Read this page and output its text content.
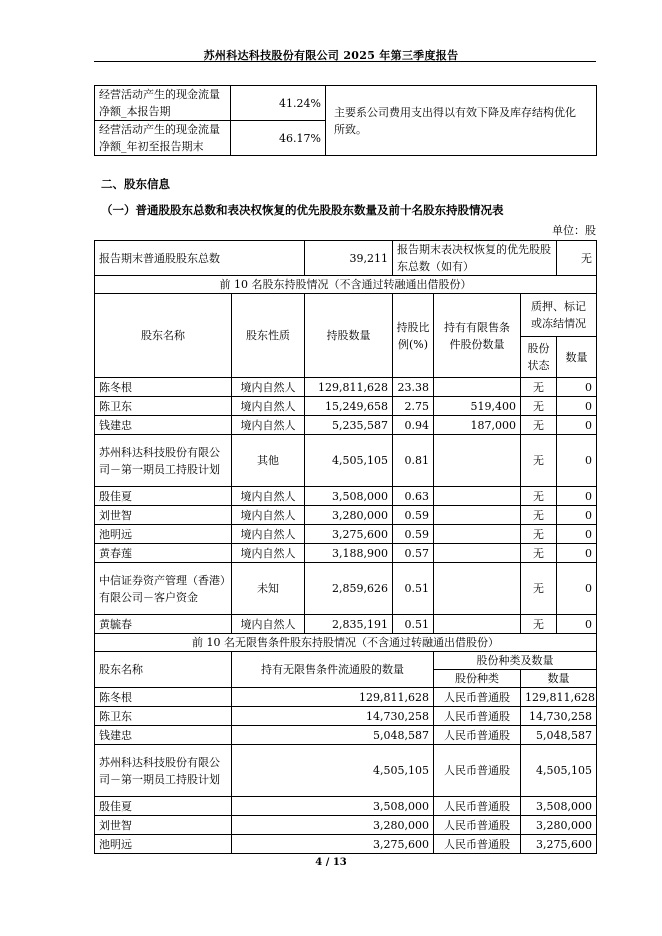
苏州科达科技股份有限公司 2025 年第三季度报告
经营活动产生的现金流量净额_本报告期	41.24%	主要系公司费用支出得以有效下降及库存结构优化所致。
经营活动产生的现金流量净额_年初至报告期末	46.17%	
二、股东信息
（一）普通股股东总数和表决权恢复的优先股股东数量及前十名股东持股情况表
单位：股
报告期末普通股股东总数		39,211	报告期末表决权恢复的优先股股东总数（如有）			无
前 10 名股东持股情况（不含通过转融通出借股份）						
股东名称	股东性质	持股数量	持股比例(%)	持有有限售条件股份数量	质押、标记或冻结情况	
					股份状态	数量
陈冬根	境内自然人	129,811,628	23.38		无	0
陈卫东	境内自然人	15,249,658	2.75	519,400	无	0
钱建忠	境内自然人	5,235,587	0.94	187,000	无	0
苏州科达科技股份有限公司－第一期员工持股计划	其他	4,505,105	0.81		无	0
殷佳夏	境内自然人	3,508,000	0.63		无	0
刘世智	境内自然人	3,280,000	0.59		无	0
池明远	境内自然人	3,275,600	0.59		无	0
黄春莲	境内自然人	3,188,900	0.57		无	0
中信证券资产管理（香港）有限公司－客户资金	未知	2,859,626	0.51		无	0
黄毓春	境内自然人	2,835,191	0.51		无	0
前 10 名无限售条件股东持股情况（不含通过转融通出借股份）						
股东名称	持有无限售条件流通股的数量			股份种类及数量		
				股份种类	数量	
陈冬根	129,811,628			人民币普通股	129,811,628	
陈卫东	14,730,258			人民币普通股	14,730,258	
钱建忠	5,048,587			人民币普通股	5,048,587	
苏州科达科技股份有限公司－第一期员工持股计划	4,505,105			人民币普通股	4,505,105	
殷佳夏	3,508,000			人民币普通股	3,508,000	
刘世智	3,280,000			人民币普通股	3,280,000	
池明远	3,275,600			人民币普通股	3,275,600	
4 / 13
